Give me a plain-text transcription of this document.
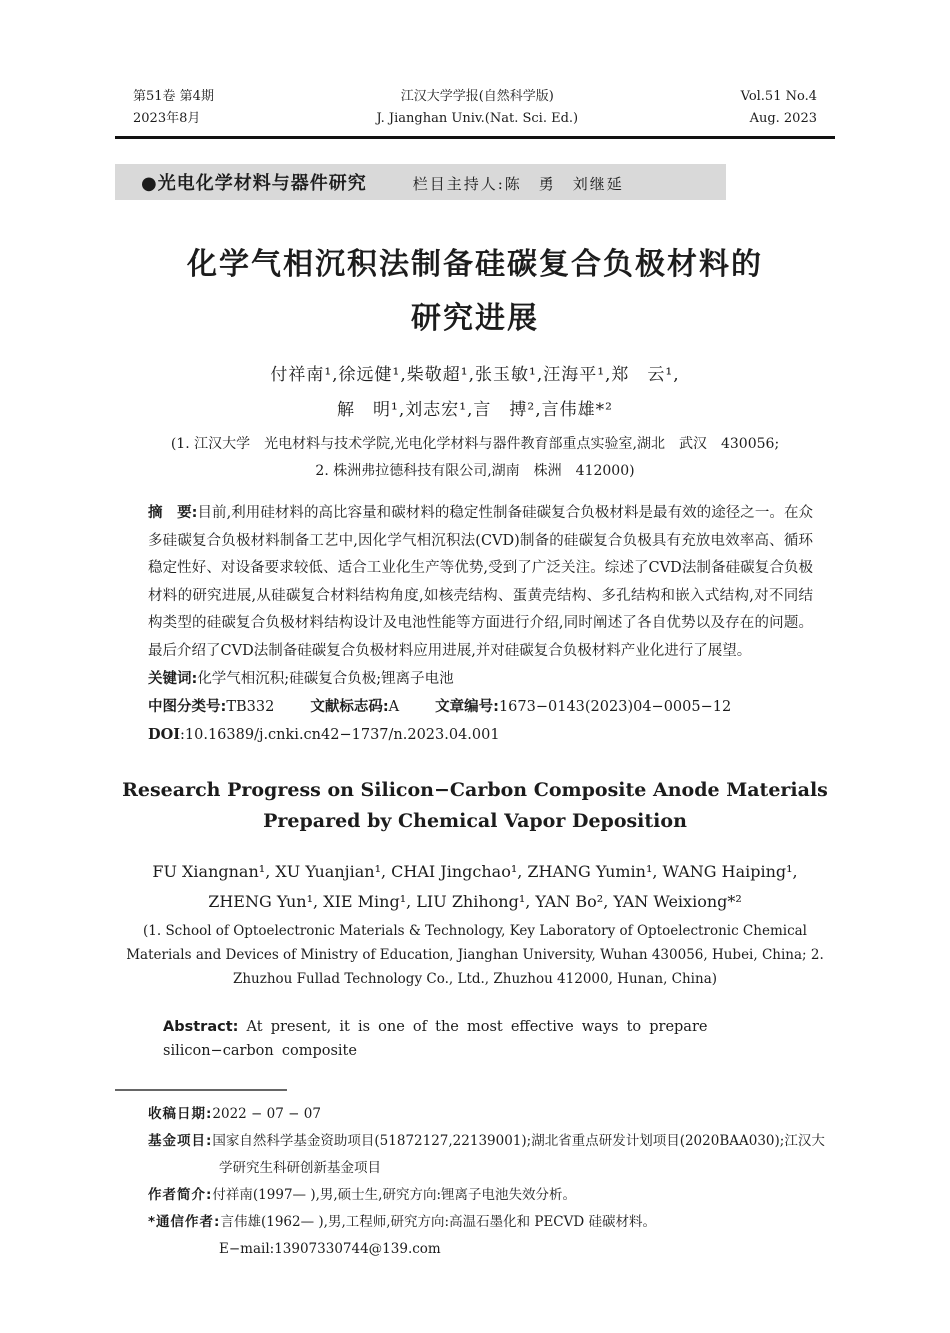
第51卷 第4期
2023年8月
江汉大学学报(自然科学版)
J. Jianghan Univ.(Nat. Sci. Ed.)
Vol.51 No.4
Aug. 2023
●光电化学材料与器件研究	栏目主持人:陈　勇　刘继延
化学气相沉积法制备硅碳复合负极材料的
研究进展
付祥南¹,徐远健¹,柴敬超¹,张玉敏¹,汪海平¹,郑　云¹,
解　明¹,刘志宏¹,言　搏²,言伟雄*²
(1. 江汉大学　光电材料与技术学院,光电化学材料与器件教育部重点实验室,湖北　武汉　430056;
2. 株洲弗拉德科技有限公司,湖南　株洲　412000)

摘　要:目前,利用硅材料的高比容量和碳材料的稳定性制备硅碳复合负极材料是最有效的途径之一。在众多硅碳复合负极材料制备工艺中,因化学气相沉积法(CVD)制备的硅碳复合负极具有充放电效率高、循环稳定性好、对设备要求较低、适合工业化生产等优势,受到了广泛关注。综述了CVD法制备硅碳复合负极材料的研究进展,从硅碳复合材料结构角度,如核壳结构、蛋黄壳结构、多孔结构和嵌入式结构,对不同结构类型的硅碳复合负极材料结构设计及电池性能等方面进行介绍,同时阐述了各自优势以及存在的问题。最后介绍了CVD法制备硅碳复合负极材料应用进展,并对硅碳复合负极材料产业化进行了展望。

关键词:化学气相沉积;硅碳复合负极;锂离子电池

中图分类号:TB332 文献标志码:A 文章编号:1673−0143(2023)04−0005−12

DOI:10.16389/j.cnki.cn42−1737/n.2023.04.001

Research Progress on Silicon−Carbon Composite Anode Materials
Prepared by Chemical Vapor Deposition
FU Xiangnan¹, XU Yuanjian¹, CHAI Jingchao¹, ZHANG Yumin¹, WANG Haiping¹,
ZHENG Yun¹, XIE Ming¹, LIU Zhihong¹, YAN Bo², YAN Weixiong*²
(1. School of Optoelectronic Materials & Technology, Key Laboratory of Optoelectronic Chemical Materials and Devices of Ministry of Education, Jianghan University, Wuhan 430056, Hubei, China; 2. Zhuzhou Fullad Technology Co., Ltd., Zhuzhou 412000, Hunan, China)

Abstract: At present, it is one of the most effective ways to prepare silicon−carbon composite

收稿日期:2022 − 07 − 07
基金项目:国家自然科学基金资助项目(51872127,22139001);湖北省重点研发计划项目(2020BAA030);江汉大学研究生科研创新基金项目
作者简介:付祥南(1997— ),男,硕士生,研究方向:锂离子电池失效分析。
*通信作者:言伟雄(1962— ),男,工程师,研究方向:高温石墨化和 PECVD 硅碳材料。E−mail:13907330744@139.com
